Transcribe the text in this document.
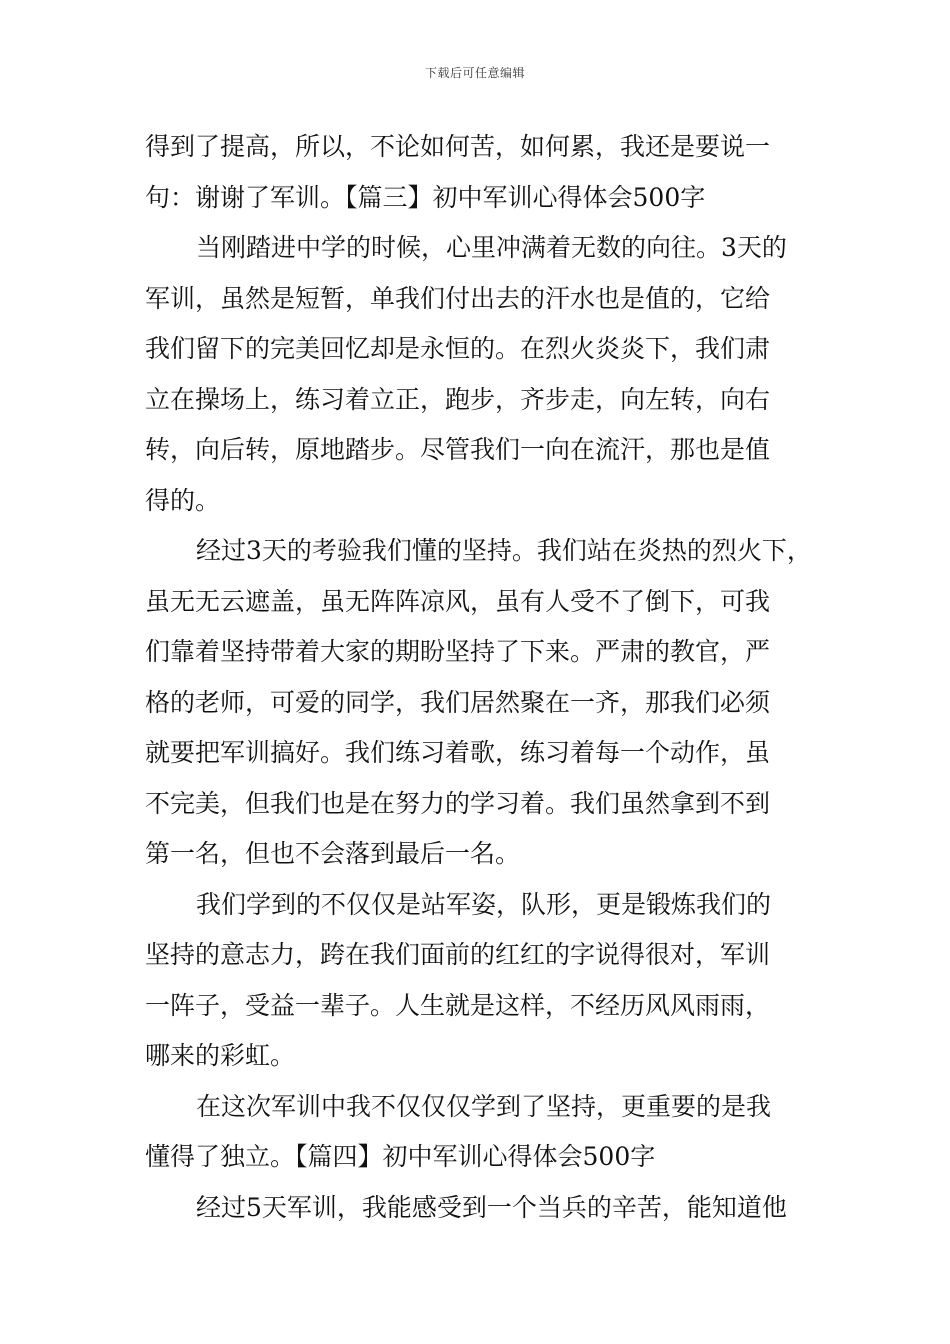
下载后可任意编辑
得到了提高，所以，不论如何苦，如何累，我还是要说一
句：谢谢了军训。【篇三】初中军训心得体会500字
当刚踏进中学的时候，心里冲满着无数的向往。3天的
军训，虽然是短暂，单我们付出去的汗水也是值的，它给
我们留下的完美回忆却是永恒的。在烈火炎炎下，我们肃
立在操场上，练习着立正，跑步，齐步走，向左转，向右
转，向后转，原地踏步。尽管我们一向在流汗，那也是值
得的。
经过3天的考验我们懂的坚持。我们站在炎热的烈火下，
虽无无云遮盖，虽无阵阵凉风，虽有人受不了倒下，可我
们靠着坚持带着大家的期盼坚持了下来。严肃的教官，严
格的老师，可爱的同学，我们居然聚在一齐，那我们必须
就要把军训搞好。我们练习着歌，练习着每一个动作，虽
不完美，但我们也是在努力的学习着。我们虽然拿到不到
第一名，但也不会落到最后一名。
我们学到的不仅仅是站军姿，队形，更是锻炼我们的
坚持的意志力，跨在我们面前的红红的字说得很对，军训
一阵子，受益一辈子。人生就是这样，不经历风风雨雨，
哪来的彩虹。
在这次军训中我不仅仅仅学到了坚持，更重要的是我
懂得了独立。【篇四】初中军训心得体会500字
经过5天军训，我能感受到一个当兵的辛苦，能知道他
